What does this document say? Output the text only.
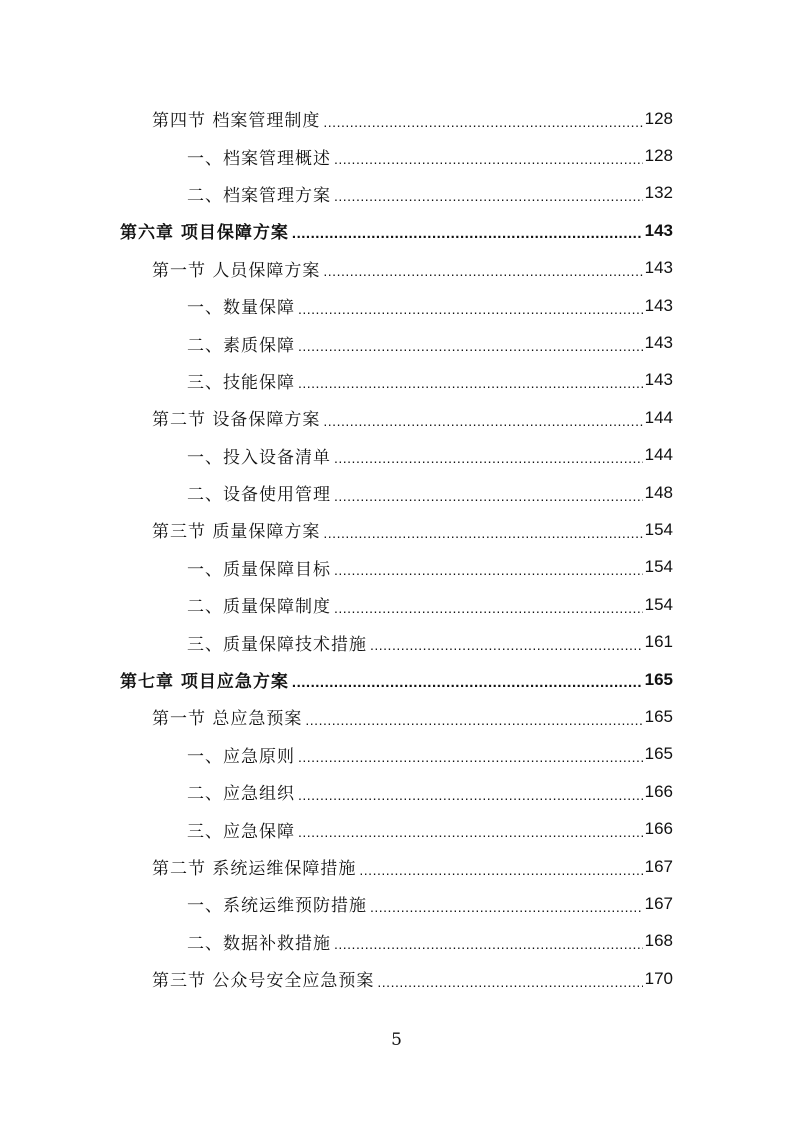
第四节 档案管理制度 .....	128
一、档案管理概述 .....	128
二、档案管理方案 .....	132
第六章 项目保障方案 .....	143
第一节 人员保障方案 .....	143
一、数量保障 .....	143
二、素质保障 .....	143
三、技能保障 .....	143
第二节 设备保障方案 .....	144
一、投入设备清单 .....	144
二、设备使用管理 .....	148
第三节 质量保障方案 .....	154
一、质量保障目标 .....	154
二、质量保障制度 .....	154
三、质量保障技术措施 .....	161
第七章 项目应急方案 .....	165
第一节 总应急预案 .....	165
一、应急原则 .....	165
二、应急组织 .....	166
三、应急保障 .....	166
第二节 系统运维保障措施 .....	167
一、系统运维预防措施 .....	167
二、数据补救措施 .....	168
第三节 公众号安全应急预案 .....	170
5
